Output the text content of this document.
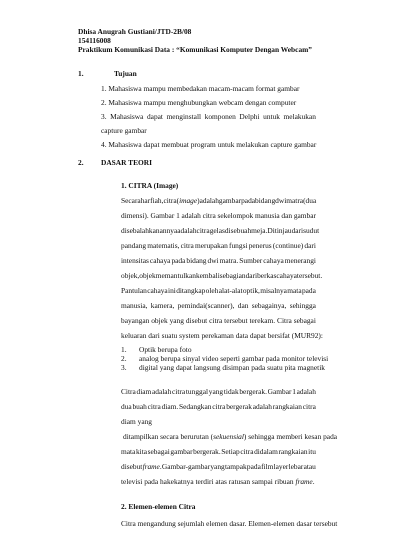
Dhisa Anugrah Gustiani/JTD-2B/08
154116008
Praktikum Komunikasi Data : “Komunikasi Komputer Dengan Webcam”
1.	Tujuan
1. Mahasiswa mampu membedakan macam-macam format gambar
2. Mahasiswa mampu menghubungkan webcam dengan computer
3. Mahasiswa dapat menginstall komponen Delphi untuk melakukan
capture gambar
4. Mahasiswa dapat membuat program untuk melakukan capture gambar
2. DASAR TEORI
1. CITRA (Image)
Secara harfiah, citra (image) adalah gambar pada bidang dwimatra (dua
dimensi). Gambar 1 adalah citra sekelompok manusia dan gambar
disebalah kanannya adalah citra gelas disebuah meja. Ditinjau dari sudut
pandang matematis, citra merupakan fungsi penerus (continue) dari
intensitas cahaya pada bidang dwi matra. Sumber cahaya menerangi
objek, objek memantulkan kembali sebagian dari berkas cahaya tersebut.
Pantulan cahaya ini ditangkap oleh alat-alat optik, misalnya mata pada
manusia, kamera, pemindai(scanner), dan sebagainya, sehingga
bayangan objek yang disebut citra tersebut terekam. Citra sebagai
keluaran dari suatu system perekaman data dapat bersifat (MUR92):
1. Optik berupa foto
2. analog berupa sinyal video seperti gambar pada monitor televisi
3. digital yang dapat langsung disimpan pada suatu pita magnetik
Citra diam adalah citra tunggal yang tidak bergerak. Gambar 1 adalah
dua buah citra diam. Sedangkan citra bergerak adalah rangkaian citra
diam yang
ditampilkan secara berurutan (sekuensial) sehingga memberi kesan pada
mata kita sebagai gambar bergerak. Setiap citra didalam rangkaian itu
disebut frame. Gambar-gambar yang tampak pada film layer lebar atau
televisi pada hakekatnya terdiri atas ratusan sampai ribuan frame.
2. Elemen-elemen Citra
Citra mengandung sejumlah elemen dasar. Elemen-elemen dasar tersebut
